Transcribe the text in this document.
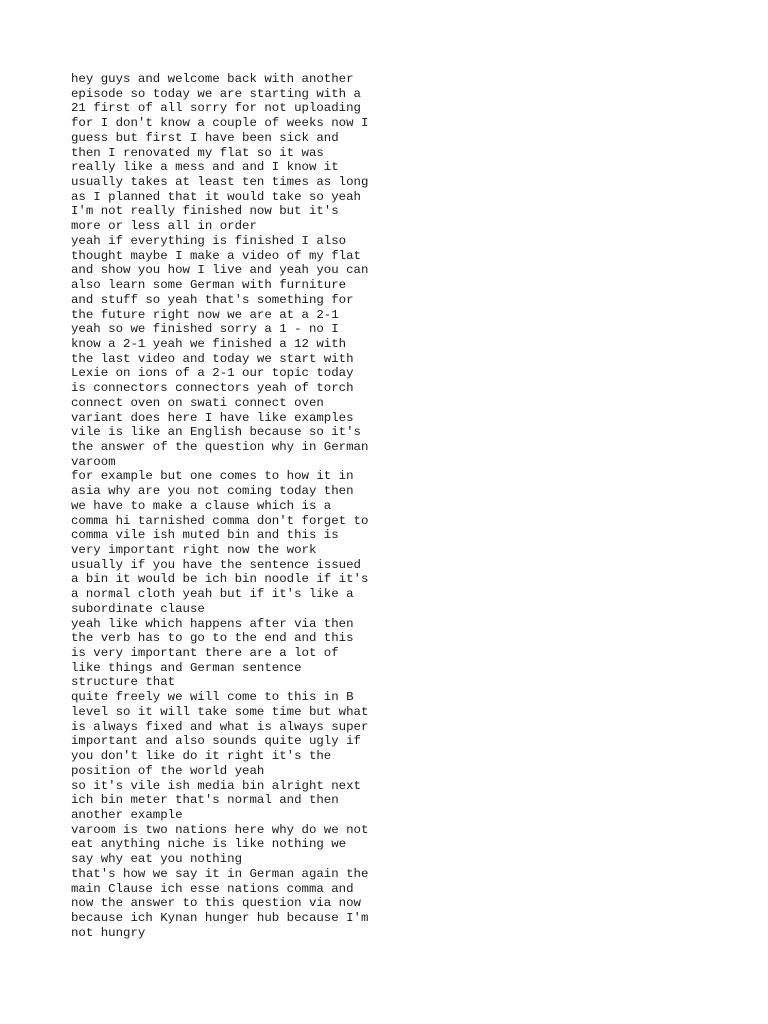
hey guys and welcome back with another
episode so today we are starting with a
21 first of all sorry for not uploading
for I don't know a couple of weeks now I
guess but first I have been sick and
then I renovated my flat so it was
really like a mess and and I know it
usually takes at least ten times as long
as I planned that it would take so yeah
I'm not really finished now but it's
more or less all in order
yeah if everything is finished I also
thought maybe I make a video of my flat
and show you how I live and yeah you can
also learn some German with furniture
and stuff so yeah that's something for
the future right now we are at a 2-1
yeah so we finished sorry a 1 - no I
know a 2-1 yeah we finished a 12 with
the last video and today we start with
Lexie on ions of a 2-1 our topic today
is connectors connectors yeah of torch
connect oven on swati connect oven
variant does here I have like examples
vile is like an English because so it's
the answer of the question why in German
varoom
for example but one comes to how it in
asia why are you not coming today then
we have to make a clause which is a
comma hi tarnished comma don't forget to
comma vile ish muted bin and this is
very important right now the work
usually if you have the sentence issued
a bin it would be ich bin noodle if it's
a normal cloth yeah but if it's like a
subordinate clause
yeah like which happens after via then
the verb has to go to the end and this
is very important there are a lot of
like things and German sentence
structure that
quite freely we will come to this in B
level so it will take some time but what
is always fixed and what is always super
important and also sounds quite ugly if
you don't like do it right it's the
position of the world yeah
so it's vile ish media bin alright next
ich bin meter that's normal and then
another example
varoom is two nations here why do we not
eat anything niche is like nothing we
say why eat you nothing
that's how we say it in German again the
main Clause ich esse nations comma and
now the answer to this question via now
because ich Kynan hunger hub because I'm
not hungry
